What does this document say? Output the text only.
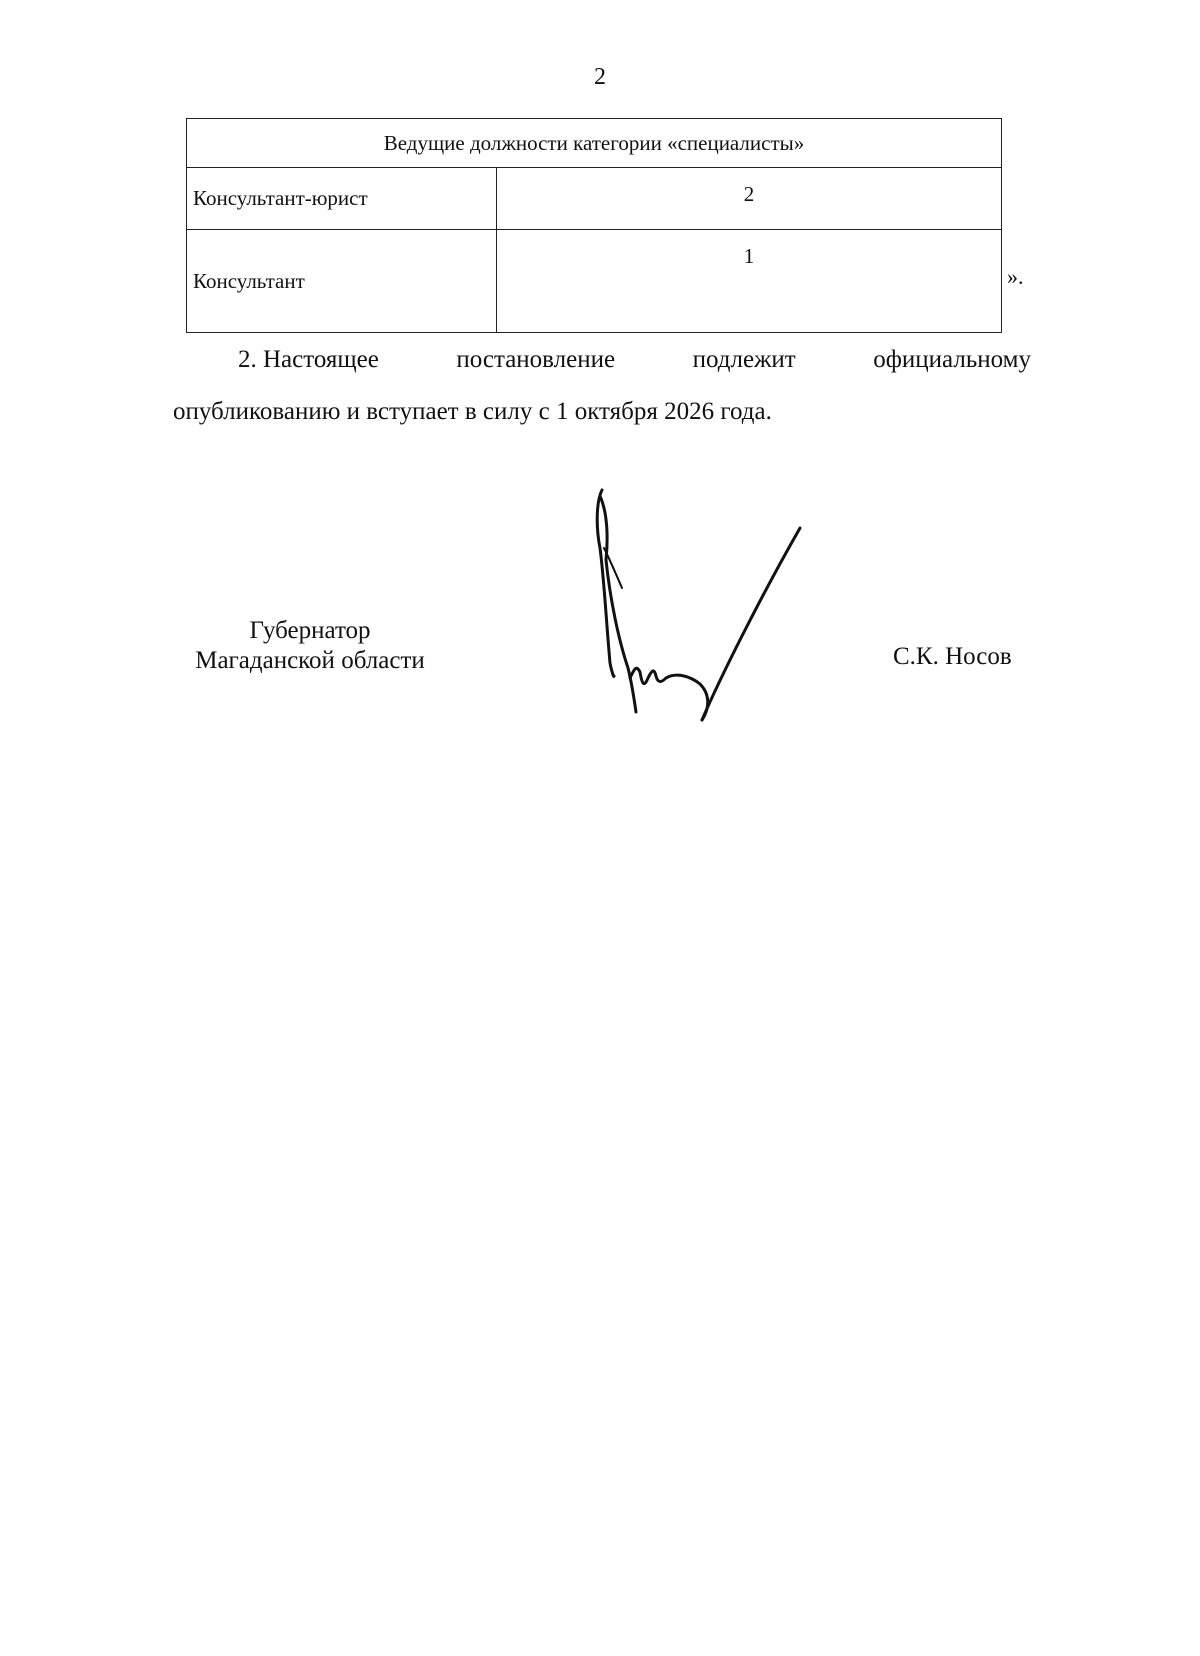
2
Ведущие должности категории «специалисты»	
Консультант-юрист	2
Консультант	1
».
2. Настоящее	постановление	подлежит	официальному
опубликованию и вступает в силу с 1 октября 2026 года.
Губернатор
Магаданской области	С.К. Носов
